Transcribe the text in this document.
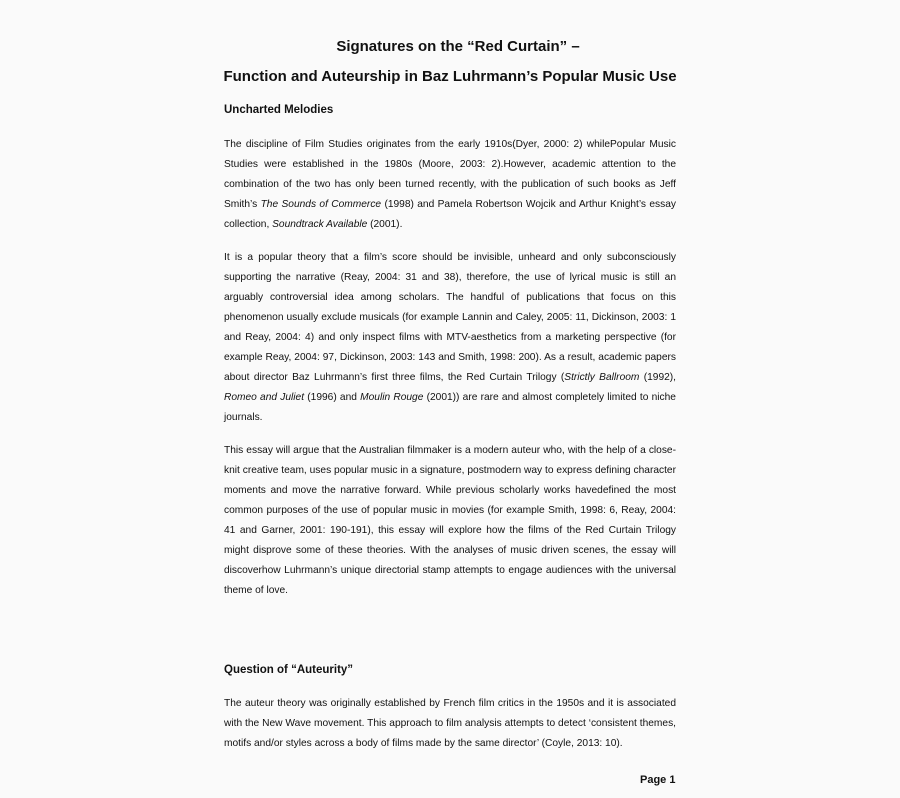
Signatures on the “Red Curtain” –
Function and Auteurship in Baz Luhrmann’s Popular Music Use
Uncharted Melodies
The discipline of Film Studies originates from the early 1910s(Dyer, 2000: 2) whilePopular Music Studies were established in the 1980s (Moore, 2003: 2).However, academic attention to the combination of the two has only been turned recently, with the publication of such books as Jeff Smith’s The Sounds of Commerce (1998) and Pamela Robertson Wojcik and Arthur Knight’s essay collection, Soundtrack Available (2001).
It is a popular theory that a film’s score should be invisible, unheard and only subconsciously supporting the narrative (Reay, 2004: 31 and 38), therefore, the use of lyrical music is still an arguably controversial idea among scholars. The handful of publications that focus on this phenomenon usually exclude musicals (for example Lannin and Caley, 2005: 11, Dickinson, 2003: 1 and Reay, 2004: 4) and only inspect films with MTV-aesthetics from a marketing perspective (for example Reay, 2004: 97, Dickinson, 2003: 143 and Smith, 1998: 200). As a result, academic papers about director Baz Luhrmann’s first three films, the Red Curtain Trilogy (Strictly Ballroom (1992), Romeo and Juliet (1996) and Moulin Rouge (2001)) are rare and almost completely limited to niche journals.
This essay will argue that the Australian filmmaker is a modern auteur who, with the help of a close-knit creative team, uses popular music in a signature, postmodern way to express defining character moments and move the narrative forward. While previous scholarly works havedefined the most common purposes of the use of popular music in movies (for example Smith, 1998: 6, Reay, 2004: 41 and Garner, 2001: 190-191), this essay will explore how the films of the Red Curtain Trilogy might disprove some of these theories. With the analyses of music driven scenes, the essay will discoverhow Luhrmann’s unique directorial stamp attempts to engage audiences with the universal theme of love.
Question of “Auteurity”
The auteur theory was originally established by French film critics in the 1950s and it is associated with the New Wave movement. This approach to film analysis attempts to detect ‘consistent themes, motifs and/or styles across a body of films made by the same director’ (Coyle, 2013: 10).
Page 1
